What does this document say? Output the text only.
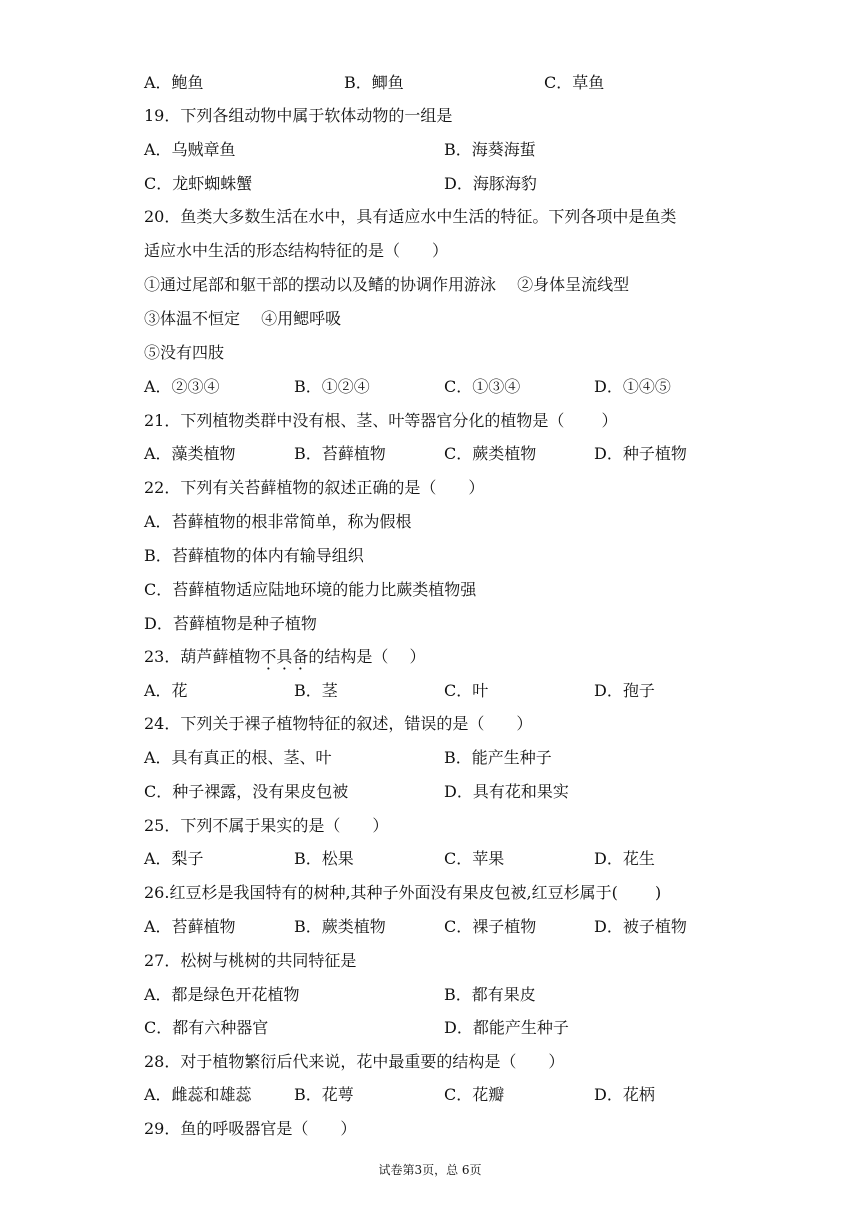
A．鲍鱼	B．鲫鱼	C．草鱼
19．下列各组动物中属于软体动物的一组是
A．乌贼章鱼	B．海葵海蜇
C．龙虾蜘蛛蟹	D．海豚海豹
20．鱼类大多数生活在水中，具有适应水中生活的特征。下列各项中是鱼类
适应水中生活的形态结构特征的是（　　）
①通过尾部和躯干部的摆动以及鳍的协调作用游泳　 ②身体呈流线型
③体温不恒定　 ④用鳃呼吸
⑤没有四肢
A．②③④	B．①②④	C．①③④	D．①④⑤
21．下列植物类群中没有根、茎、叶等器官分化的植物是（　　 ）
A．藻类植物	B．苔藓植物	C．蕨类植物	D．种子植物
22．下列有关苔藓植物的叙述正确的是（　　）
A．苔藓植物的根非常简单，称为假根
B．苔藓植物的体内有输导组织
C．苔藓植物适应陆地环境的能力比蕨类植物强
D．苔藓植物是种子植物
23．葫芦藓植物不具备的结构是（　 ）
A．花	B．茎	C．叶	D．孢子
24．下列关于裸子植物特征的叙述，错误的是（　　）
A．具有真正的根、茎、叶	B．能产生种子
C．种子裸露，没有果皮包被	D．具有花和果实
25．下列不属于果实的是（　　）
A．梨子	B．松果	C．苹果	D．花生
26.红豆杉是我国特有的树种,其种子外面没有果皮包被,红豆杉属于(　　 )
A．苔藓植物	B．蕨类植物	C．裸子植物	D．被子植物
27．松树与桃树的共同特征是
A．都是绿色开花植物	B．都有果皮
C．都有六种器官	D．都能产生种子
28．对于植物繁衍后代来说，花中最重要的结构是（　　）
A．雌蕊和雄蕊	B．花萼	C．花瓣	D．花柄
29．鱼的呼吸器官是（　　）
试卷第3页，总 6页
